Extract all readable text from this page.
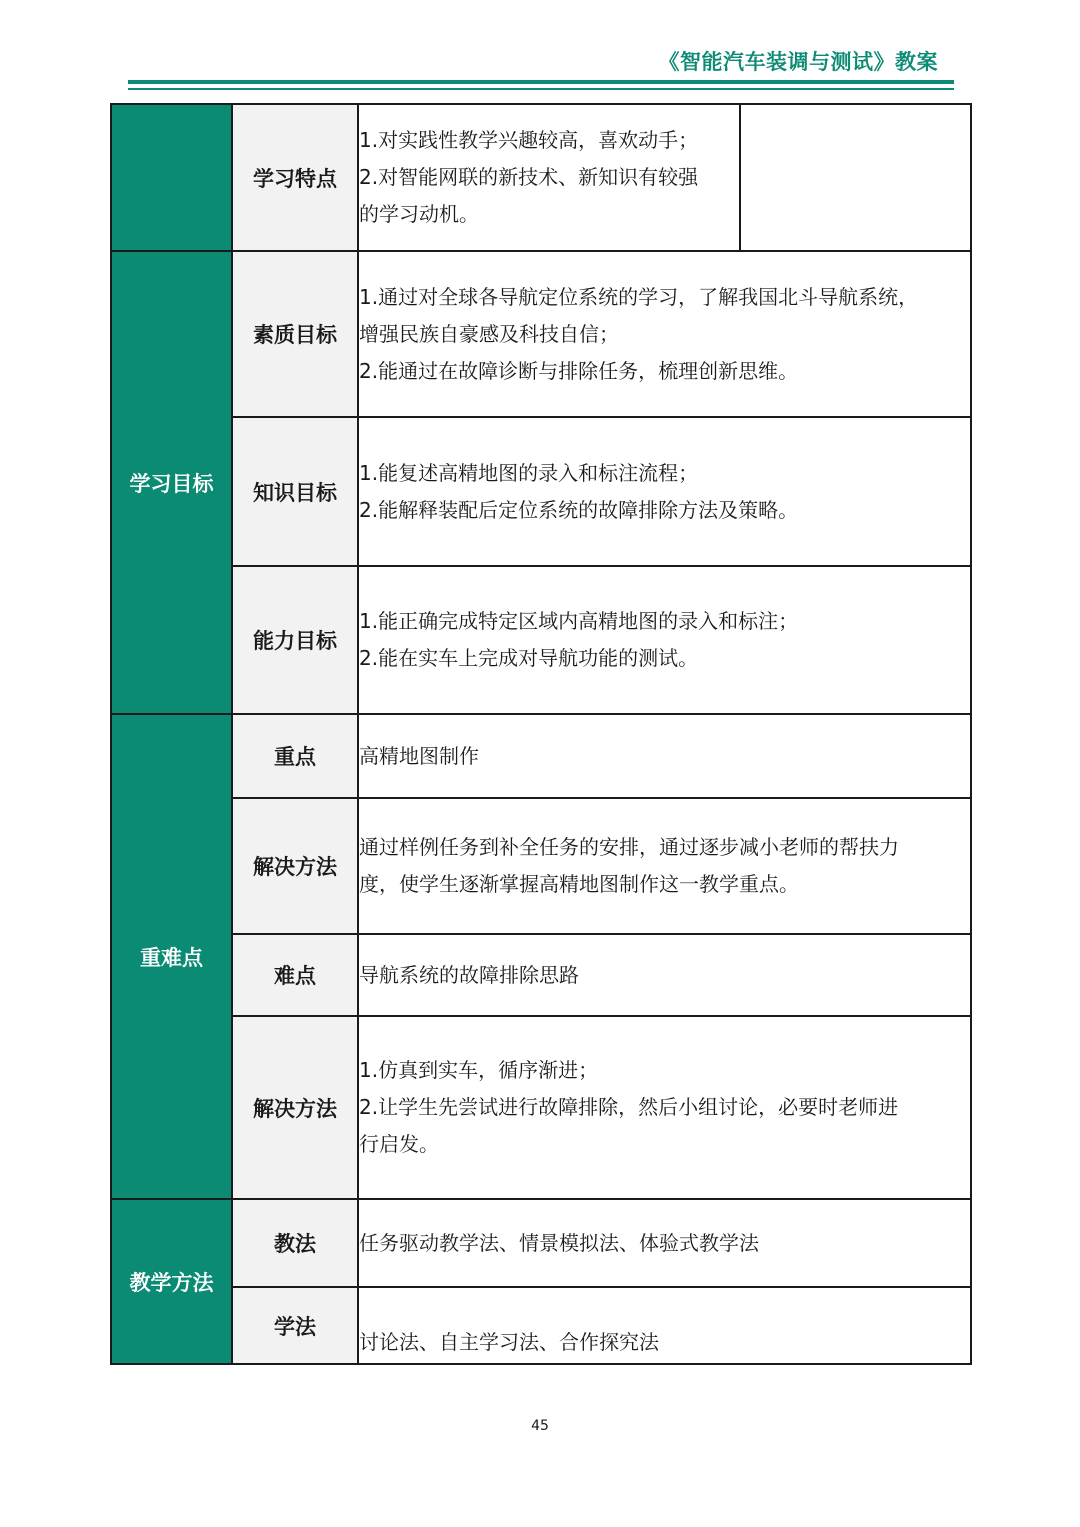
《智能汽车装调与测试》教案
	学习特点	1.对实践性教学兴趣较高，喜欢动手；
2.对智能网联的新技术、新知识有较强
的学习动机。	

学习目标	素质目标	1.通过对全球各导航定位系统的学习，了解我国北斗导航系统，
增强民族自豪感及科技自信；
2.能通过在故障诊断与排除任务，梳理创新思维。	

	知识目标	1.能复述高精地图的录入和标注流程；
2.能解释装配后定位系统的故障排除方法及策略。	

	能力目标	1.能正确完成特定区域内高精地图的录入和标注；
2.能在实车上完成对导航功能的测试。	

重难点	重点	高精地图制作	
	解决方法	通过样例任务到补全任务的安排，通过逐步减小老师的帮扶力
度，使学生逐渐掌握高精地图制作这一教学重点。	

	难点	导航系统的故障排除思路	
	解决方法	1.仿真到实车，循序渐进；
2.让学生先尝试进行故障排除，然后小组讨论，必要时老师进
行启发。	

教学方法	教法	任务驱动教学法、情景模拟法、体验式教学法	
	学法	讨论法、自主学习法、合作探究法	
45
